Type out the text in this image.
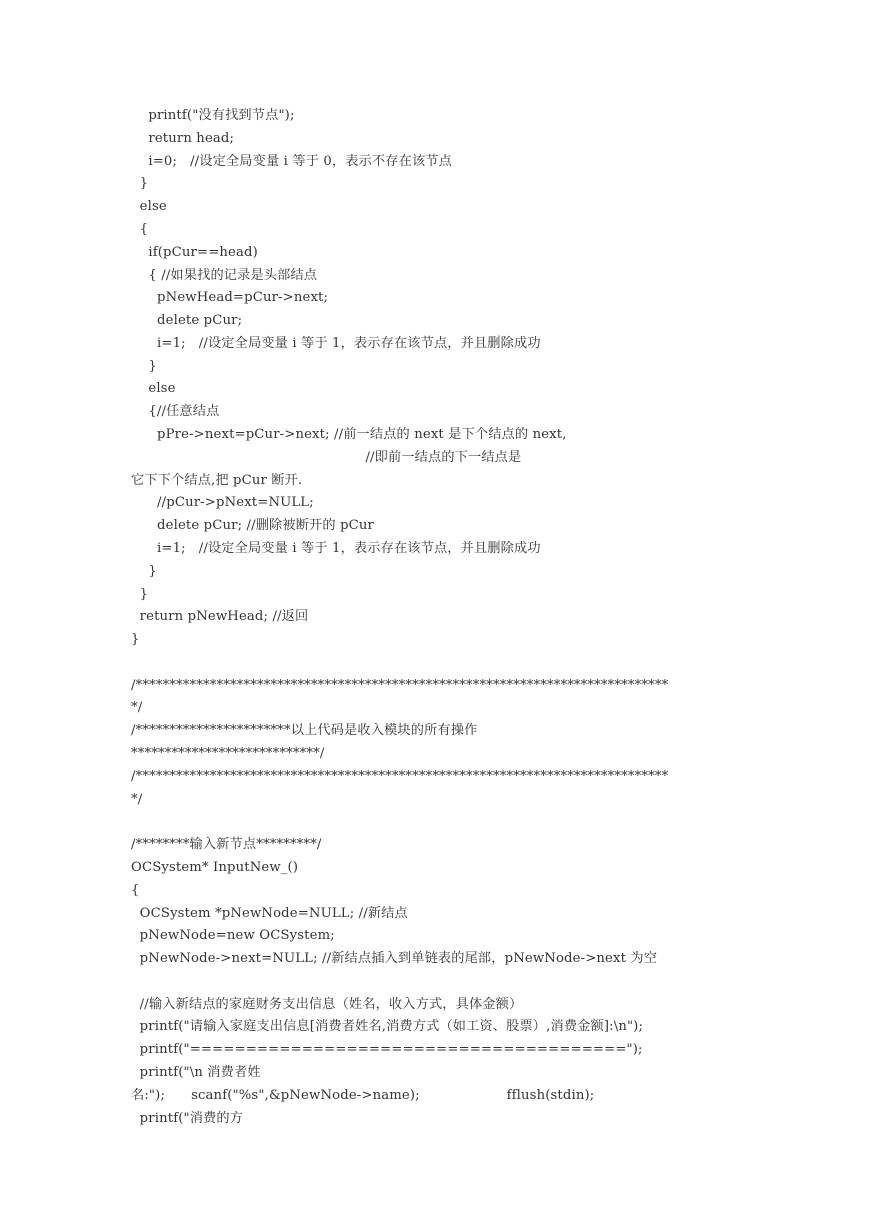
printf("没有找到节点");
return head;
i=0;   //设定全局变量 i 等于 0，表示不存在该节点
}
else
{
if(pCur==head)
{ //如果找的记录是头部结点
pNewHead=pCur->next;
delete pCur;
i=1;   //设定全局变量 i 等于 1，表示存在该节点，并且删除成功
}
else
{//任意结点
pPre->next=pCur->next; //前一结点的 next 是下个结点的 next,
//即前一结点的下一结点是
它下下个结点,把 pCur 断开.
//pCur->pNext=NULL;
delete pCur; //删除被断开的 pCur
i=1;   //设定全局变量 i 等于 1，表示存在该节点，并且删除成功
}
}
return pNewHead; //返回
}
/*******************************************************************************
*/
/***********************以上代码是收入模块的所有操作
****************************/
/*******************************************************************************
*/
/********输入新节点*********/
OCSystem* InputNew_()
{
OCSystem *pNewNode=NULL; //新结点
pNewNode=new OCSystem;
pNewNode->next=NULL; //新结点插入到单链表的尾部，pNewNode->next 为空
//输入新结点的家庭财务支出信息（姓名，收入方式，具体金额）
printf("请输入家庭支出信息[消费者姓名,消费方式（如工资、股票）,消费金额]:\n");
printf("=======================================");
printf("\n 消费者姓
名:");      scanf("%s",&pNewNode->name);                    fflush(stdin);
printf("消费的方
